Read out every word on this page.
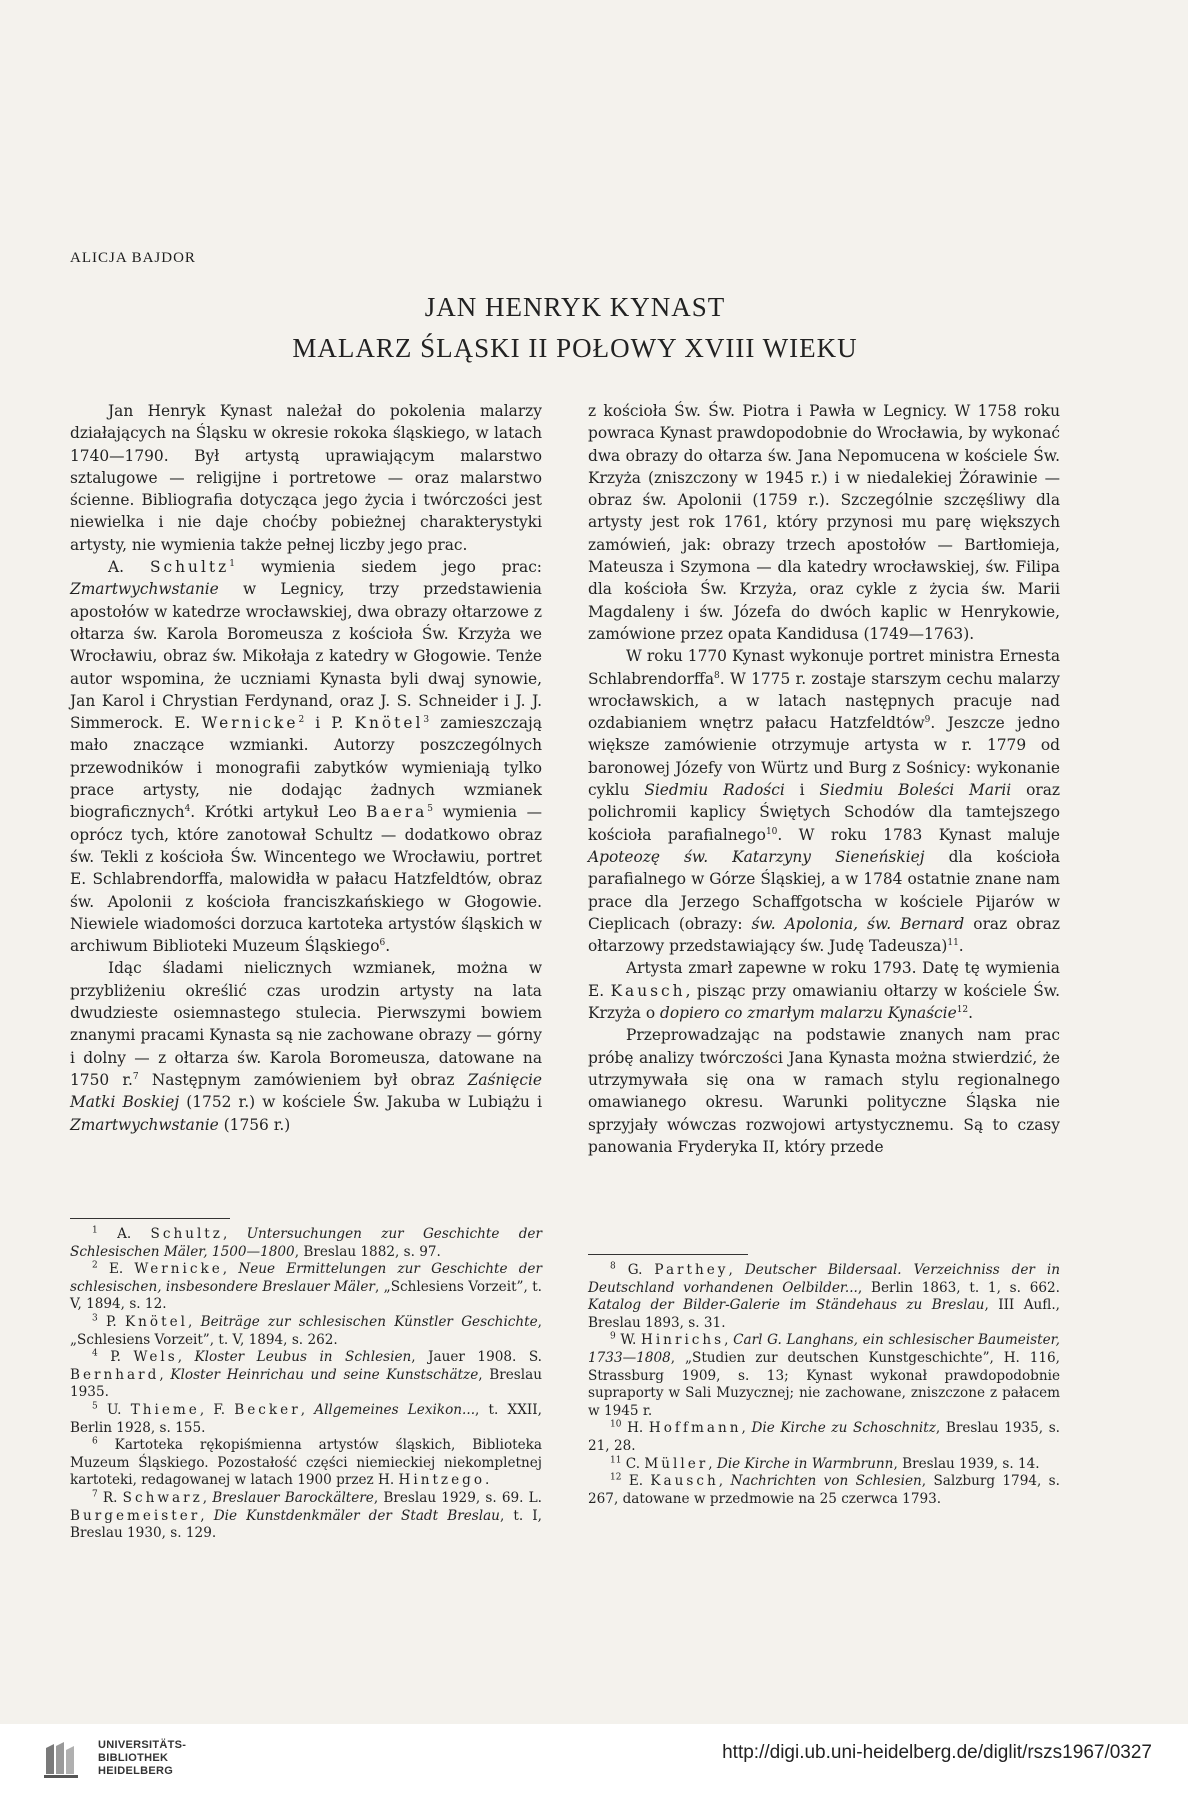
ALICJA BAJDOR
JAN HENRYK KYNAST
MALARZ ŚLĄSKI II POŁOWY XVIII WIEKU

Jan Henryk Kynast należał do pokolenia malarzy działających na Śląsku w okresie rokoka śląskiego, w latach 1740—1790. Był artystą uprawiającym malarstwo sztalugowe — religijne i portretowe — oraz malarstwo ścienne. Bibliografia dotycząca jego życia i twórczości jest niewielka i nie daje choćby pobieżnej charakterystyki artysty, nie wymienia także pełnej liczby jego prac.

A. Schultz$^1$ wymienia siedem jego prac: Zmartwychwstanie w Legnicy, trzy przedstawienia apostołów w katedrze wrocławskiej, dwa obrazy ołtarzowe z ołtarza św. Karola Boromeusza z kościoła Św. Krzyża we Wrocławiu, obraz św. Mikołaja z katedry w Głogowie. Tenże autor wspomina, że uczniami Kynasta byli dwaj synowie, Jan Karol i Chrystian Ferdynand, oraz J. S. Schneider i J. J. Simmerock. E. Wernicke$^2$ i P. Knötel$^3$ zamieszczają mało znaczące wzmianki. Autorzy poszczególnych przewodników i monografii zabytków wymieniają tylko prace artysty, nie dodając żadnych wzmianek biograficznych$^4$. Krótki artykuł Leo Baera$^5$ wymienia — oprócz tych, które zanotował Schultz — dodatkowo obraz św. Tekli z kościoła Św. Wincentego we Wrocławiu, portret E. Schlabrendorffa, malowidła w pałacu Hatzfeldtów, obraz św. Apolonii z kościoła franciszkańskiego w Głogowie. Niewiele wiadomości dorzuca kartoteka artystów śląskich w archiwum Biblioteki Muzeum Śląskiego$^6$.

Idąc śladami nielicznych wzmianek, można w przybliżeniu określić czas urodzin artysty na lata dwudzieste osiemnastego stulecia. Pierwszymi bowiem znanymi pracami Kynasta są nie zachowane obrazy — górny i dolny — z ołtarza św. Karola Boromeusza, datowane na 1750 r.$^7$ Następnym zamówieniem był obraz Zaśnięcie Matki Boskiej (1752 r.) w kościele Św. Jakuba w Lubiążu i Zmartwychwstanie (1756 r.)

z kościoła Św. Św. Piotra i Pawła w Legnicy. W 1758 roku powraca Kynast prawdopodobnie do Wrocławia, by wykonać dwa obrazy do ołtarza św. Jana Nepomucena w kościele Św. Krzyża (zniszczony w 1945 r.) i w niedalekiej Żórawinie — obraz św. Apolonii (1759 r.). Szczególnie szczęśliwy dla artysty jest rok 1761, który przynosi mu parę większych zamówień, jak: obrazy trzech apostołów — Bartłomieja, Mateusza i Szymona — dla katedry wrocławskiej, św. Filipa dla kościoła Św. Krzyża, oraz cykle z życia św. Marii Magdaleny i św. Józefa do dwóch kaplic w Henrykowie, zamówione przez opata Kandidusa (1749—1763).

W roku 1770 Kynast wykonuje portret ministra Ernesta Schlabrendorffa$^8$. W 1775 r. zostaje starszym cechu malarzy wrocławskich, a w latach następnych pracuje nad ozdabianiem wnętrz pałacu Hatzfeldtów$^9$. Jeszcze jedno większe zamówienie otrzymuje artysta w r. 1779 od baronowej Józefy von Würtz und Burg z Sośnicy: wykonanie cyklu Siedmiu Radości i Siedmiu Boleści Marii oraz polichromii kaplicy Świętych Schodów dla tamtejszego kościoła parafialnego$^{10}$. W roku 1783 Kynast maluje Apoteozę św. Katarzyny Sieneńskiej dla kościoła parafialnego w Górze Śląskiej, a w 1784 ostatnie znane nam prace dla Jerzego Schaffgotscha w kościele Pijarów w Cieplicach (obrazy: św. Apolonia, św. Bernard oraz obraz ołtarzowy przedstawiający św. Judę Tadeusza)$^{11}$.

Artysta zmarł zapewne w roku 1793. Datę tę wymienia E. Kausch, pisząc przy omawianiu ołtarzy w kościele Św. Krzyża o dopiero co zmarłym malarzu Kynaście$^{12}$.

Przeprowadzając na podstawie znanych nam prac próbę analizy twórczości Jana Kynasta można stwierdzić, że utrzymywała się ona w ramach stylu regionalnego omawianego okresu. Warunki polityczne Śląska nie sprzyjały wówczas rozwojowi artystycznemu. Są to czasy panowania Fryderyka II, który przede

$^1$ A. Schultz, Untersuchungen zur Geschichte der Schlesischen Mäler, 1500—1800, Breslau 1882, s. 97.

$^2$ E. Wernicke, Neue Ermittelungen zur Geschichte der schlesischen, insbesondere Breslauer Mäler, „Schlesiens Vorzeit”, t. V, 1894, s. 12.

$^3$ P. Knötel, Beiträge zur schlesischen Künstler Geschichte, „Schlesiens Vorzeit”, t. V, 1894, s. 262.

$^4$ P. Wels, Kloster Leubus in Schlesien, Jauer 1908. S. Bernhard, Kloster Heinrichau und seine Kunstschätze, Breslau 1935.

$^5$ U. Thieme, F. Becker, Allgemeines Lexikon..., t. XXII, Berlin 1928, s. 155.

$^6$ Kartoteka rękopiśmienna artystów śląskich, Biblioteka Muzeum Śląskiego. Pozostałość części niemieckiej niekompletnej kartoteki, redagowanej w latach 1900 przez H. Hintzego.

$^7$ R. Schwarz, Breslauer Barockältere, Breslau 1929, s. 69. L. Burgemeister, Die Kunstdenkmäler der Stadt Breslau, t. I, Breslau 1930, s. 129.

$^8$ G. Parthey, Deutscher Bildersaal. Verzeichniss der in Deutschland vorhandenen Oelbilder..., Berlin 1863, t. 1, s. 662. Katalog der Bilder-Galerie im Ständehaus zu Breslau, III Aufl., Breslau 1893, s. 31.

$^9$ W. Hinrichs, Carl G. Langhans, ein schlesischer Baumeister, 1733—1808, „Studien zur deutschen Kunstgeschichte”, H. 116, Strassburg 1909, s. 13; Kynast wykonał prawdopodobnie supraporty w Sali Muzycznej; nie zachowane, zniszczone z pałacem w 1945 r.

$^{10}$ H. Hoffmann, Die Kirche zu Schoschnitz, Breslau 1935, s. 21, 28.

$^{11}$ C. Müller, Die Kirche in Warmbrunn, Breslau 1939, s. 14.

$^{12}$ E. Kausch, Nachrichten von Schlesien, Salzburg 1794, s. 267, datowane w przedmowie na 25 czerwca 1793.

UNIVERSITÄTS-
BIBLIOTHEK
HEIDELBERG
http://digi.ub.uni-heidelberg.de/diglit/rszs1967/0327
